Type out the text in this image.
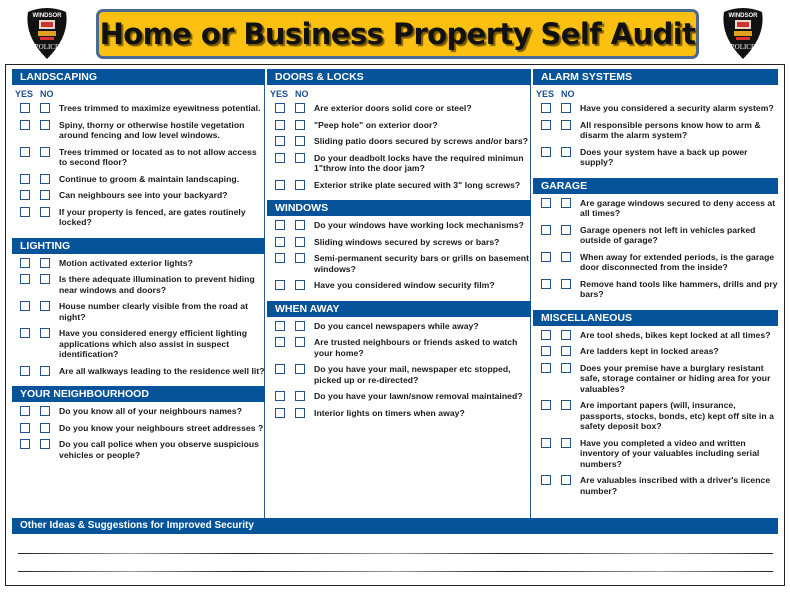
WINDSOR
POLICE
WINDSOR
POLICE
Home or Business Property Self Audit
LANDSCAPING
YES NO
Trees trimmed to maximize eyewitness potential.
Spiny, thorny or otherwise hostile vegetation around fencing and low level windows.
Trees trimmed or located as to not allow access to second floor?
Continue to groom & maintain landscaping.
Can neighbours see into your backyard?
If your property is fenced, are gates routinely locked?
LIGHTING
Motion activated exterior lights?
Is there adequate illumination to prevent hiding near windows and doors?
House number clearly visible from the road at night?
Have you considered energy efficient lighting applications which also assist in suspect identification?
Are all walkways leading to the residence well lit?
YOUR NEIGHBOURHOOD
Do you know all of your neighbours names?
Do you know your neighbours street addresses ?
Do you call police when you observe suspicious vehicles or people?
DOORS & LOCKS
YES NO
Are exterior doors solid core or steel?
"Peep hole" on exterior door?
Sliding patio doors secured by screws and/or bars?
Do your deadbolt locks have the required minimun 1"throw into the door jam?
Exterior strike plate secured with 3" long screws?
WINDOWS
Do your windows have working lock mechanisms?
Sliding windows secured by screws or bars?
Semi-permanent security bars or grills on basement windows?
Have you considered window security film?
WHEN AWAY
Do you cancel newspapers while away?
Are trusted neighbours or friends asked to watch your home?
Do you have your mail, newspaper etc stopped, picked up or re-directed?
Do you have your lawn/snow removal maintained?
Interior lights on timers when away?
ALARM SYSTEMS
YES NO
Have you considered a security alarm system?
All responsible persons know how to arm & disarm the alarm system?
Does your system have a back up power supply?
GARAGE
Are garage windows secured to deny access at all times?
Garage openers not left in vehicles parked outside of garage?
When away for extended periods, is the garage door disconnected from the inside?
Remove hand tools like hammers, drills and pry bars?
MISCELLANEOUS
Are tool sheds, bikes kept locked at all times?
Are ladders kept in locked areas?
Does your premise have a burglary resistant safe, storage container or hiding area for your valuables?
Are important papers (will, insurance, passports, stocks, bonds, etc) kept off site in a safety deposit box?
Have you completed a video and written inventory of your valuables including serial numbers?
Are valuables inscribed with a driver's licence number?
Other Ideas & Suggestions for Improved Security
